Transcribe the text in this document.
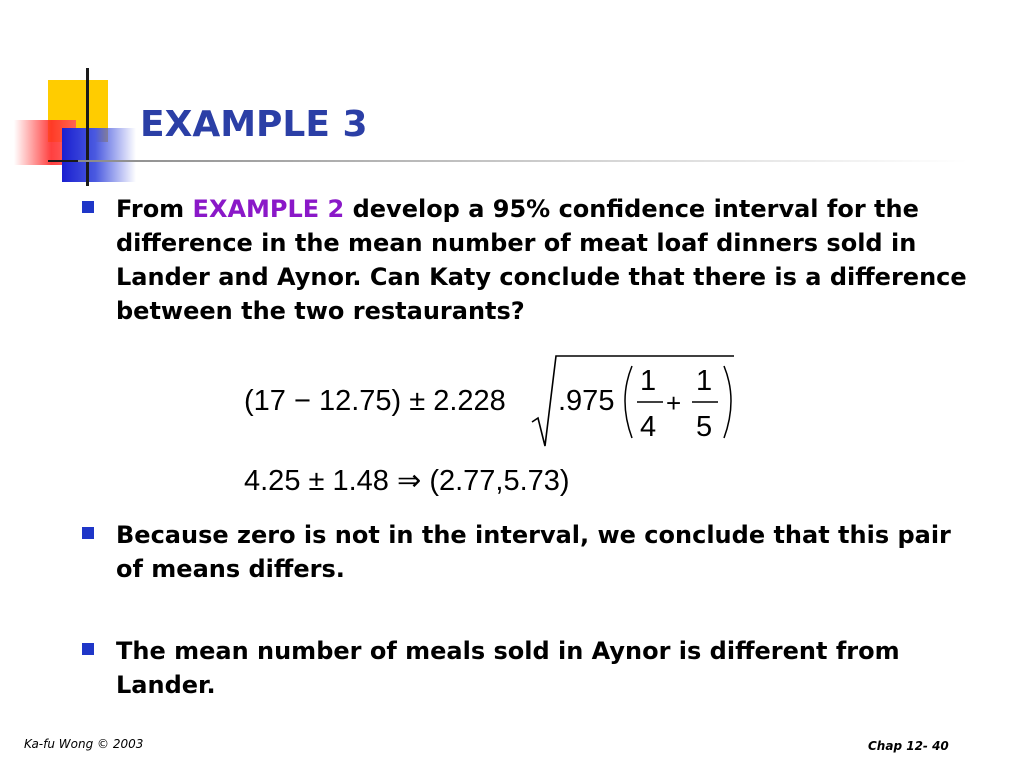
EXAMPLE 3
From EXAMPLE 2 develop a 95% confidence interval for the difference in the mean number of meat loaf dinners sold in Lander and Aynor. Can Katy conclude that there is a difference between the two restaurants?
(17 − 12.75) ± 2.228 .975
1
4
+
1
5
4.25 ± 1.48 ⇒ (2.77,5.73)
Because zero is not in the interval, we conclude that this pair of means differs.
The mean number of meals sold in Aynor is different from Lander.
Ka-fu Wong © 2003	Chap 12- 40
